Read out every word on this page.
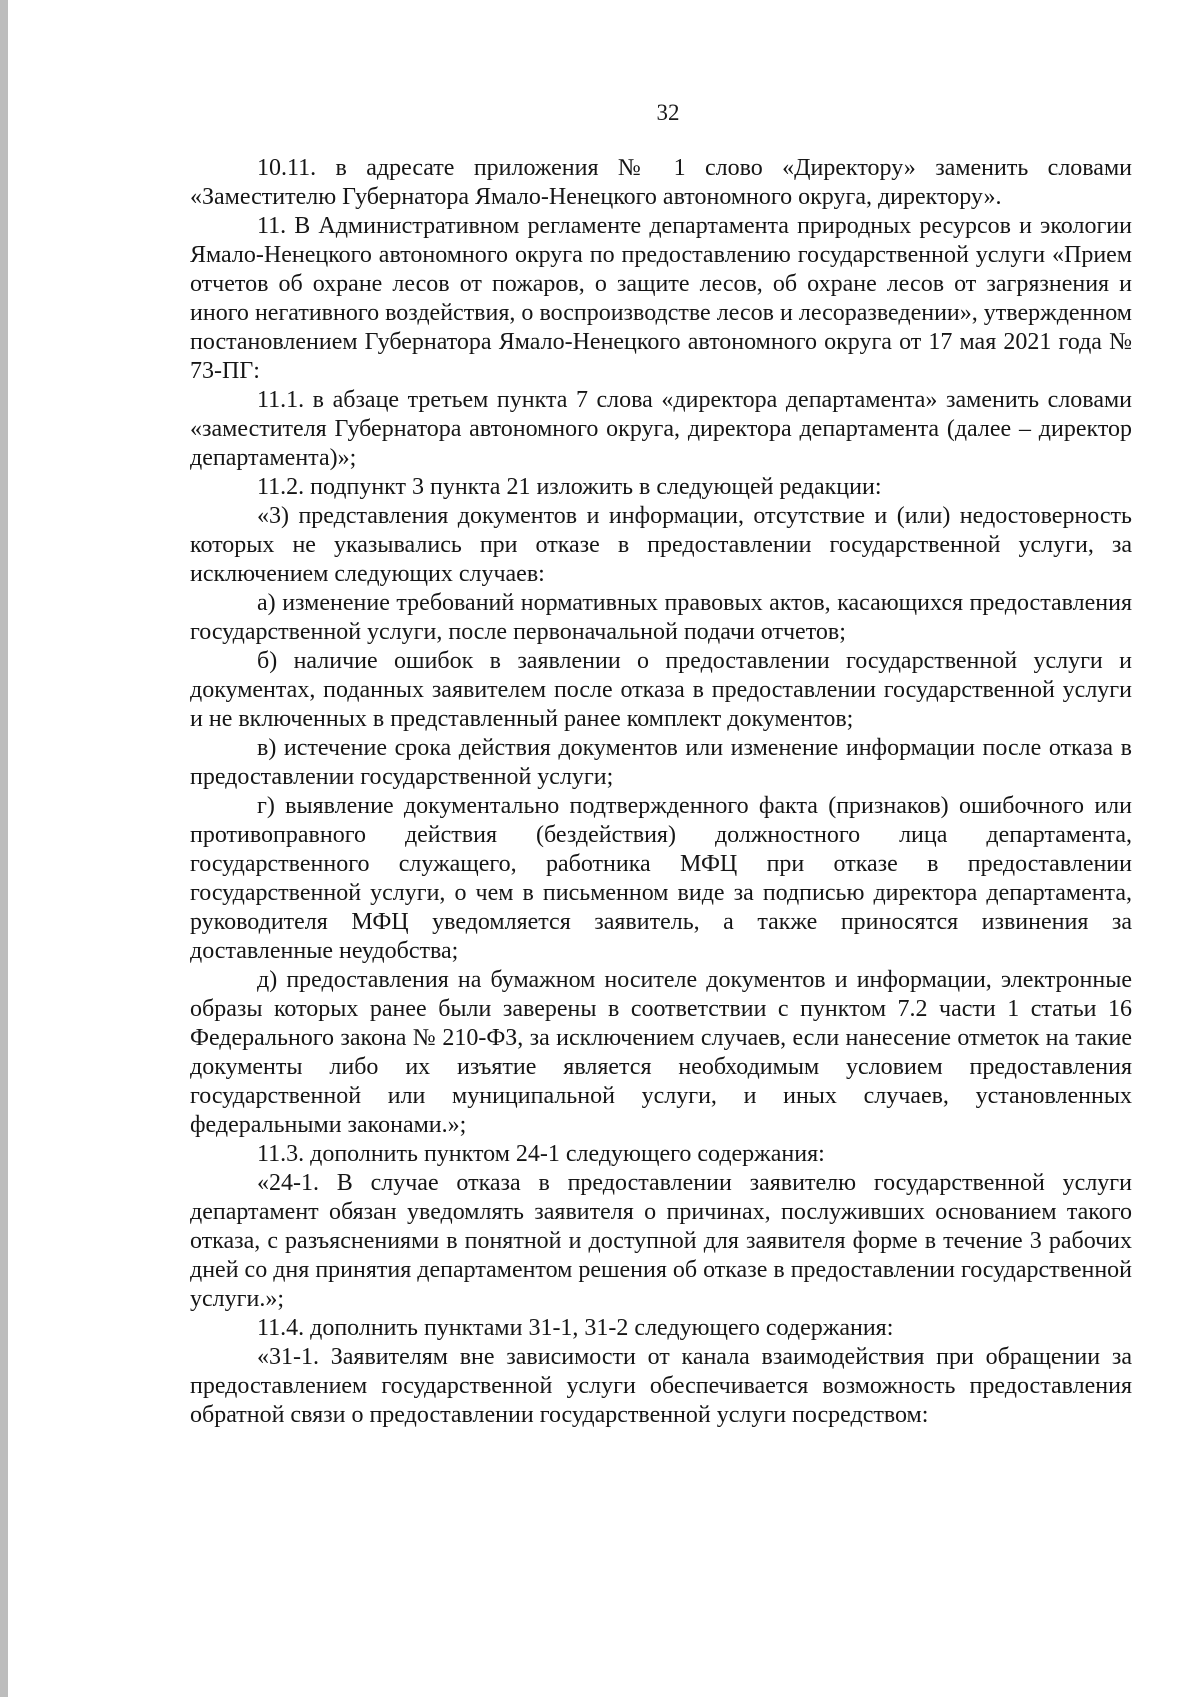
32

10.11. в адресате приложения № 1 слово «Директору» заменить словами «Заместителю Губернатора Ямало-Ненецкого автономного округа, директору».

11. В Административном регламенте департамента природных ресурсов и экологии Ямало-Ненецкого автономного округа по предоставлению государственной услуги «Прием отчетов об охране лесов от пожаров, о защите лесов, об охране лесов от загрязнения и иного негативного воздействия, о воспроизводстве лесов и лесоразведении», утвержденном постановлением Губернатора Ямало-Ненецкого автономного округа от 17 мая 2021 года № 73-ПГ:

11.1. в абзаце третьем пункта 7 слова «директора департамента» заменить словами «заместителя Губернатора автономного округа, директора департамента (далее – директор департамента)»;

11.2. подпункт 3 пункта 21 изложить в следующей редакции:

«3) представления документов и информации, отсутствие и (или) недостоверность которых не указывались при отказе в предоставлении государственной услуги, за исключением следующих случаев:

а) изменение требований нормативных правовых актов, касающихся предоставления государственной услуги, после первоначальной подачи отчетов;

б) наличие ошибок в заявлении о предоставлении государственной услуги и документах, поданных заявителем после отказа в предоставлении государственной услуги и не включенных в представленный ранее комплект документов;

в) истечение срока действия документов или изменение информации после отказа в предоставлении государственной услуги;

г) выявление документально подтвержденного факта (признаков) ошибочного или противоправного действия (бездействия) должностного лица департамента, государственного служащего, работника МФЦ при отказе в предоставлении государственной услуги, о чем в письменном виде за подписью директора департамента, руководителя МФЦ уведомляется заявитель, а также приносятся извинения за доставленные неудобства;

д) предоставления на бумажном носителе документов и информации, электронные образы которых ранее были заверены в соответствии с пунктом 7.2 части 1 статьи 16 Федерального закона № 210-ФЗ, за исключением случаев, если нанесение отметок на такие документы либо их изъятие является необходимым условием предоставления государственной или муниципальной услуги, и иных случаев, установленных федеральными законами.»;

11.3. дополнить пунктом 24-1 следующего содержания:

«24-1. В случае отказа в предоставлении заявителю государственной услуги департамент обязан уведомлять заявителя о причинах, послуживших основанием такого отказа, с разъяснениями в понятной и доступной для заявителя форме в течение 3 рабочих дней со дня принятия департаментом решения об отказе в предоставлении государственной услуги.»;

11.4. дополнить пунктами 31-1, 31-2 следующего содержания:

«31-1. Заявителям вне зависимости от канала взаимодействия при обращении за предоставлением государственной услуги обеспечивается возможность предоставления обратной связи о предоставлении государственной услуги посредством:
